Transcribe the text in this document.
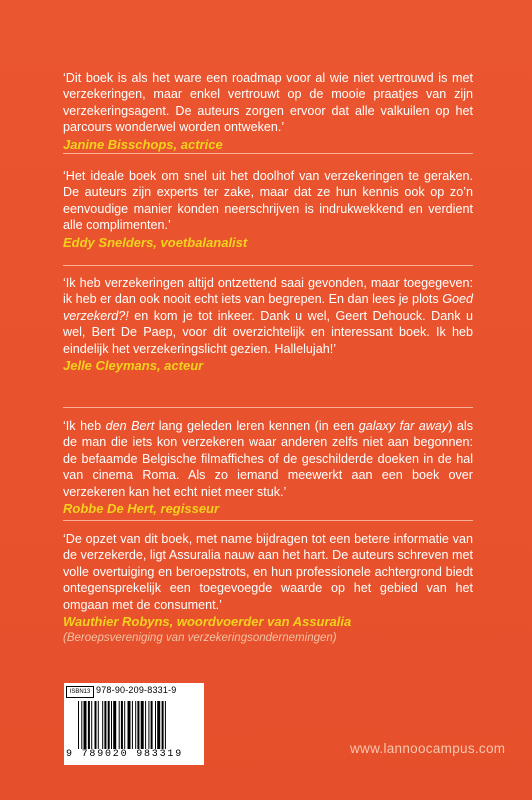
‘Dit boek is als het ware een roadmap voor al wie niet vertrouwd is met verzekeringen, maar enkel vertrouwt op de mooie praatjes van zijn verzekeringsagent. De auteurs zorgen ervoor dat alle valkuilen op het parcours wonderwel worden ontweken.’
Janine Bisschops, actrice
‘Het ideale boek om snel uit het doolhof van verzekeringen te geraken. De auteurs zijn experts ter zake, maar dat ze hun kennis ook op zo’n eenvoudige manier konden neerschrijven is indrukwekkend en verdient alle complimenten.’
Eddy Snelders, voetbalanalist
‘Ik heb verzekeringen altijd ontzettend saai gevonden, maar toegegeven: ik heb er dan ook nooit echt iets van begrepen. En dan lees je plots Goed verzekerd?! en kom je tot inkeer. Dank u wel, Geert Dehouck. Dank u wel, Bert De Paep, voor dit overzichtelijk en interessant boek. Ik heb eindelijk het verzekeringslicht gezien. Hallelujah!’
Jelle Cleymans, acteur
‘Ik heb den Bert lang geleden leren kennen (in een galaxy far away) als de man die iets kon verzekeren waar anderen zelfs niet aan begonnen: de befaamde Belgische filmaffiches of de geschilderde doeken in de hal van cinema Roma. Als zo iemand meewerkt aan een boek over verzekeren kan het echt niet meer stuk.’
Robbe De Hert, regisseur
‘De opzet van dit boek, met name bijdragen tot een betere informatie van de verzekerde, ligt Assuralia nauw aan het hart. De auteurs schreven met volle overtuiging en beroepstrots, en hun professionele achtergrond biedt ontegensprekelijk een toegevoegde waarde op het gebied van het omgaan met de consument.’
Wauthier Robyns, woordvoerder van Assuralia
(Beroepsvereniging van verzekeringsondernemingen)
ISBN13 978-90-209-8331-9
9 789020 983319	www.lannoocampus.com
